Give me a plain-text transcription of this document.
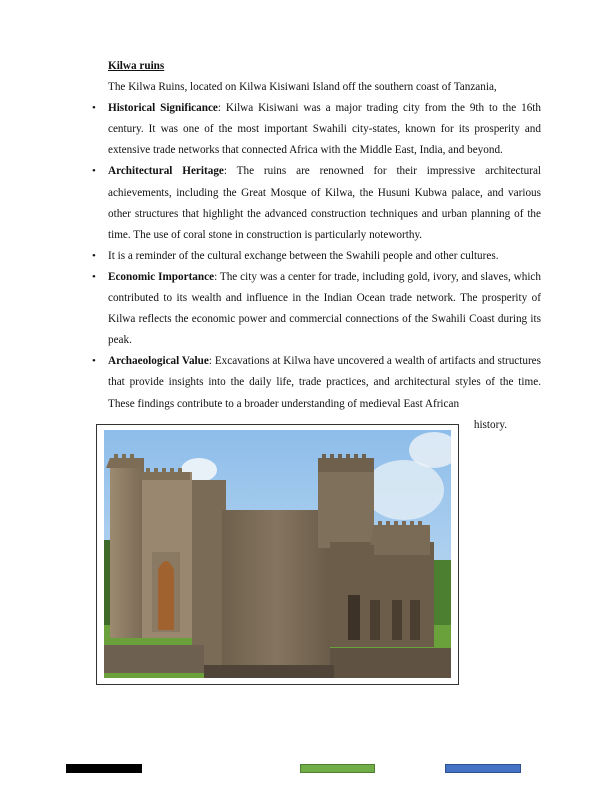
Kilwa ruins

The Kilwa Ruins, located on Kilwa Kisiwani Island off the southern coast of Tanzania,

• Historical Significance: Kilwa Kisiwani was a major trading city from the 9th to the 16th century. It was one of the most important Swahili city-states, known for its prosperity and extensive trade networks that connected Africa with the Middle East, India, and beyond.
• Architectural Heritage: The ruins are renowned for their impressive architectural achievements, including the Great Mosque of Kilwa, the Husuni Kubwa palace, and various other structures that highlight the advanced construction techniques and urban planning of the time. The use of coral stone in construction is particularly noteworthy.
• It is a reminder of the cultural exchange between the Swahili people and other cultures.
• Economic Importance: The city was a center for trade, including gold, ivory, and slaves, which contributed to its wealth and influence in the Indian Ocean trade network. The prosperity of Kilwa reflects the economic power and commercial connections of the Swahili Coast during its peak.
• Archaeological Value: Excavations at Kilwa have uncovered a wealth of artifacts and structures that provide insights into the daily life, trade practices, and architectural styles of the time. These findings contribute to a broader understanding of medieval East African
history.
